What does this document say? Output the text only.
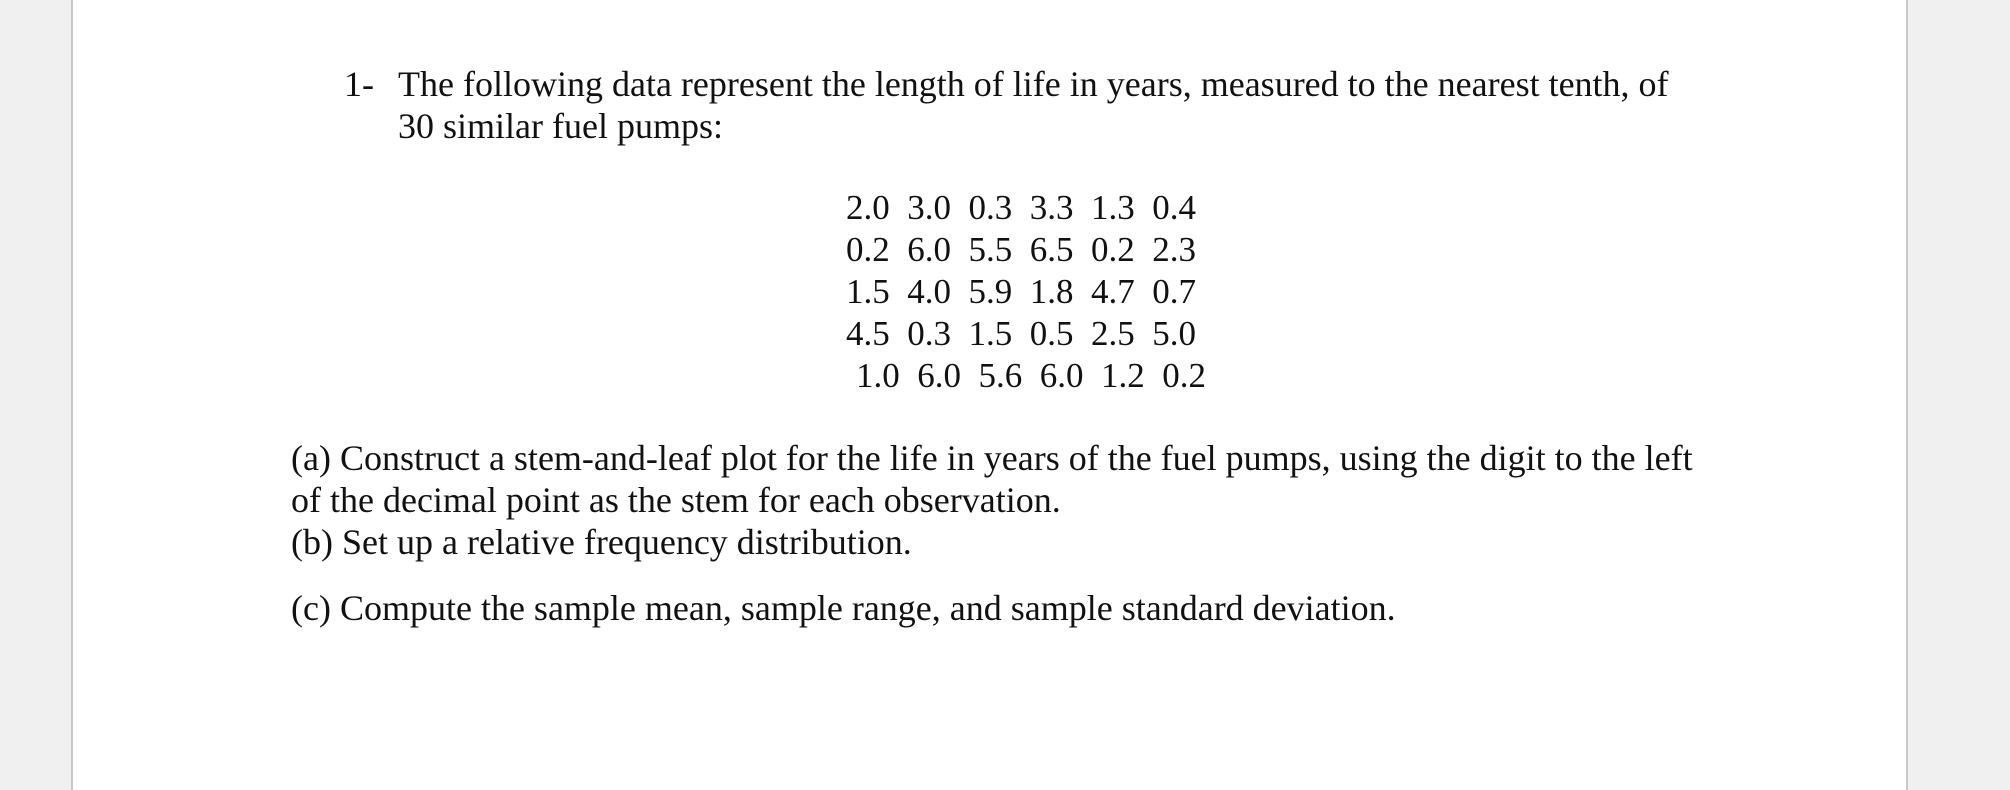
1- The following data represent the length of life in years, measured to the nearest tenth, of
30 similar fuel pumps:
2.0  3.0  0.3  3.3  1.3  0.4
0.2  6.0  5.5  6.5  0.2  2.3
1.5  4.0  5.9  1.8  4.7  0.7
4.5  0.3  1.5  0.5  2.5  5.0
1.0  6.0  5.6  6.0  1.2  0.2
(a) Construct a stem-and-leaf plot for the life in years of the fuel pumps, using the digit to the left
of the decimal point as the stem for each observation.
(b) Set up a relative frequency distribution.
(c) Compute the sample mean, sample range, and sample standard deviation.
